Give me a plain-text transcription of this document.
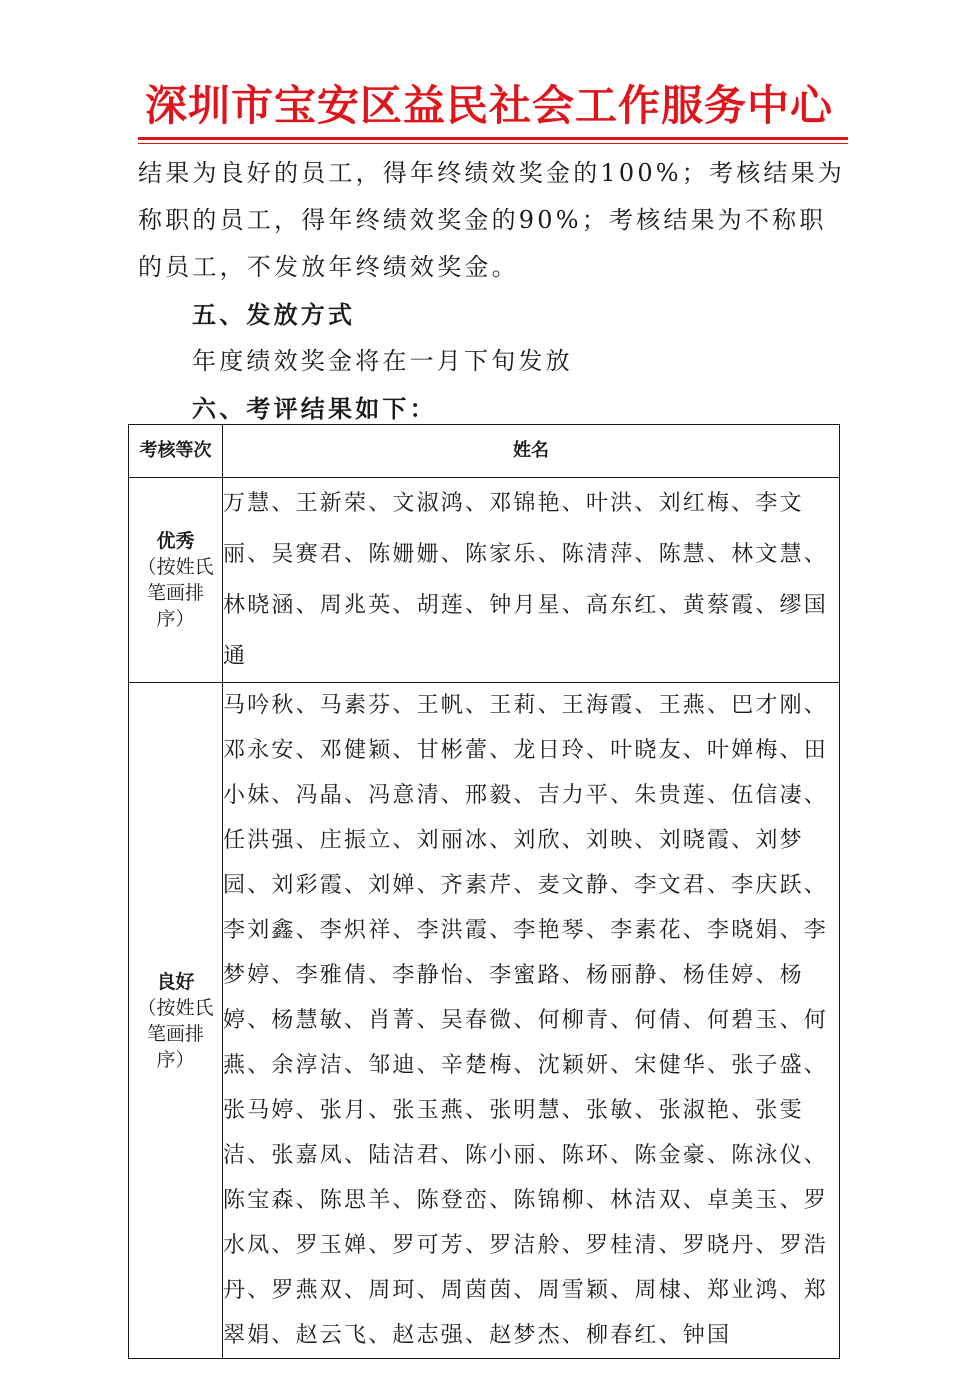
深圳市宝安区益民社会工作服务中心

结果为良好的员工，得年终绩效奖金的100%；考核结果为称职的员工，得年终绩效奖金的90%；考核结果为不称职的员工，不发放年终绩效奖金。

五、发放方式

年度绩效奖金将在一月下旬发放

六、考评结果如下：

考核等次	姓名

优秀
（按姓氏笔画排序）	万慧、王新荣、文淑鸿、邓锦艳、叶洪、刘红梅、李文丽、吴赛君、陈姗姗、陈家乐、陈清萍、陈慧、林文慧、林晓涵、周兆英、胡莲、钟月星、高东红、黄蔡霞、缪国通

良好
（按姓氏笔画排序）	马吟秋、马素芬、王帆、王莉、王海霞、王燕、巴才刚、邓永安、邓健颖、甘彬蕾、龙日玲、叶晓友、叶婵梅、田小妹、冯晶、冯意清、邢毅、吉力平、朱贵莲、伍信凄、任洪强、庄振立、刘丽冰、刘欣、刘映、刘晓霞、刘梦园、刘彩霞、刘婵、齐素芹、麦文静、李文君、李庆跃、李刘鑫、李炽祥、李洪霞、李艳琴、李素花、李晓娟、李梦婷、李雅倩、李静怡、李蜜路、杨丽静、杨佳婷、杨婷、杨慧敏、肖菁、吴春微、何柳青、何倩、何碧玉、何燕、余淳洁、邹迪、辛楚梅、沈颖妍、宋健华、张子盛、张马婷、张月、张玉燕、张明慧、张敏、张淑艳、张雯洁、张嘉凤、陆洁君、陈小丽、陈环、陈金豪、陈泳仪、陈宝森、陈思羊、陈登峦、陈锦柳、林洁双、卓美玉、罗水凤、罗玉婵、罗可芳、罗洁舲、罗桂清、罗晓丹、罗浩丹、罗燕双、周珂、周茵茵、周雪颖、周棣、郑业鸿、郑翠娟、赵云飞、赵志强、赵梦杰、柳春红、钟国
